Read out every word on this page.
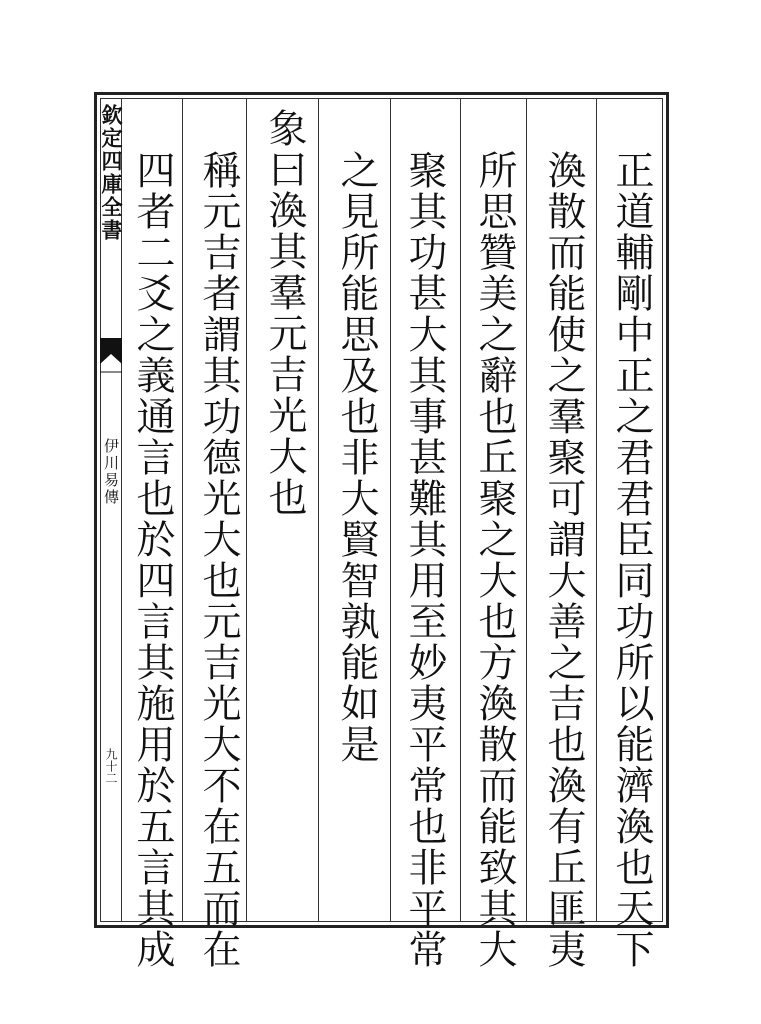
欽定四庫全書
伊川易傳
九十二	正道輔剛中正之君君臣同功所以能濟渙也天下
渙散而能使之羣聚可謂大善之吉也渙有丘匪夷
所思贊美之辭也丘聚之大也方渙散而能致其大
聚其功甚大其事甚難其用至妙夷平常也非平常
之見所能思及也非大賢智孰能如是
象曰渙其羣元吉光大也
稱元吉者謂其功德光大也元吉光大不在五而在
四者二爻之義通言也於四言其施用於五言其成
